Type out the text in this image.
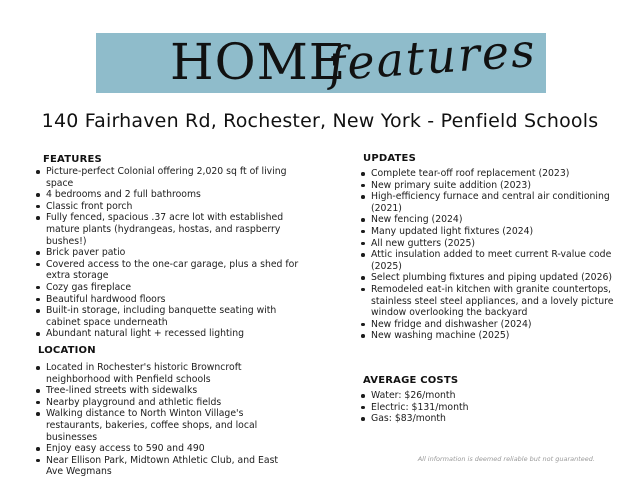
HOME
features
140 Fairhaven Rd, Rochester, New York - Penfield Schools
FEATURES
Picture-perfect Colonial offering 2,020 sq ft of living space
4 bedrooms and 2 full bathrooms
Classic front porch
Fully fenced, spacious .37 acre lot with established mature plants (hydrangeas, hostas, and raspberry bushes!)
Brick paver patio
Covered access to the one-car garage, plus a shed for extra storage
Cozy gas fireplace
Beautiful hardwood floors
Built-in storage, including banquette seating with cabinet space underneath
Abundant natural light + recessed lighting
LOCATION
Located in Rochester's historic Browncroft neighborhood with Penfield schools
Tree-lined streets with sidewalks
Nearby playground and athletic fields
Walking distance to North Winton Village's restaurants, bakeries, coffee shops, and local businesses
Enjoy easy access to 590 and 490
Near Ellison Park, Midtown Athletic Club, and East Ave Wegmans
UPDATES
Complete tear-off roof replacement (2023)
New primary suite addition (2023)
High-efficiency furnace and central air conditioning (2021)
New fencing (2024)
Many updated light fixtures (2024)
All new gutters (2025)
Attic insulation added to meet current R-value code (2025)
Select plumbing fixtures and piping updated (2026)
Remodeled eat-in kitchen with granite countertops, stainless steel steel appliances, and a lovely picture window overlooking the backyard
New fridge and dishwasher (2024)
New washing machine (2025)
AVERAGE COSTS
Water: $26/month
Electric: $131/month
Gas: $83/month
All information is deemed reliable but not guaranteed.
